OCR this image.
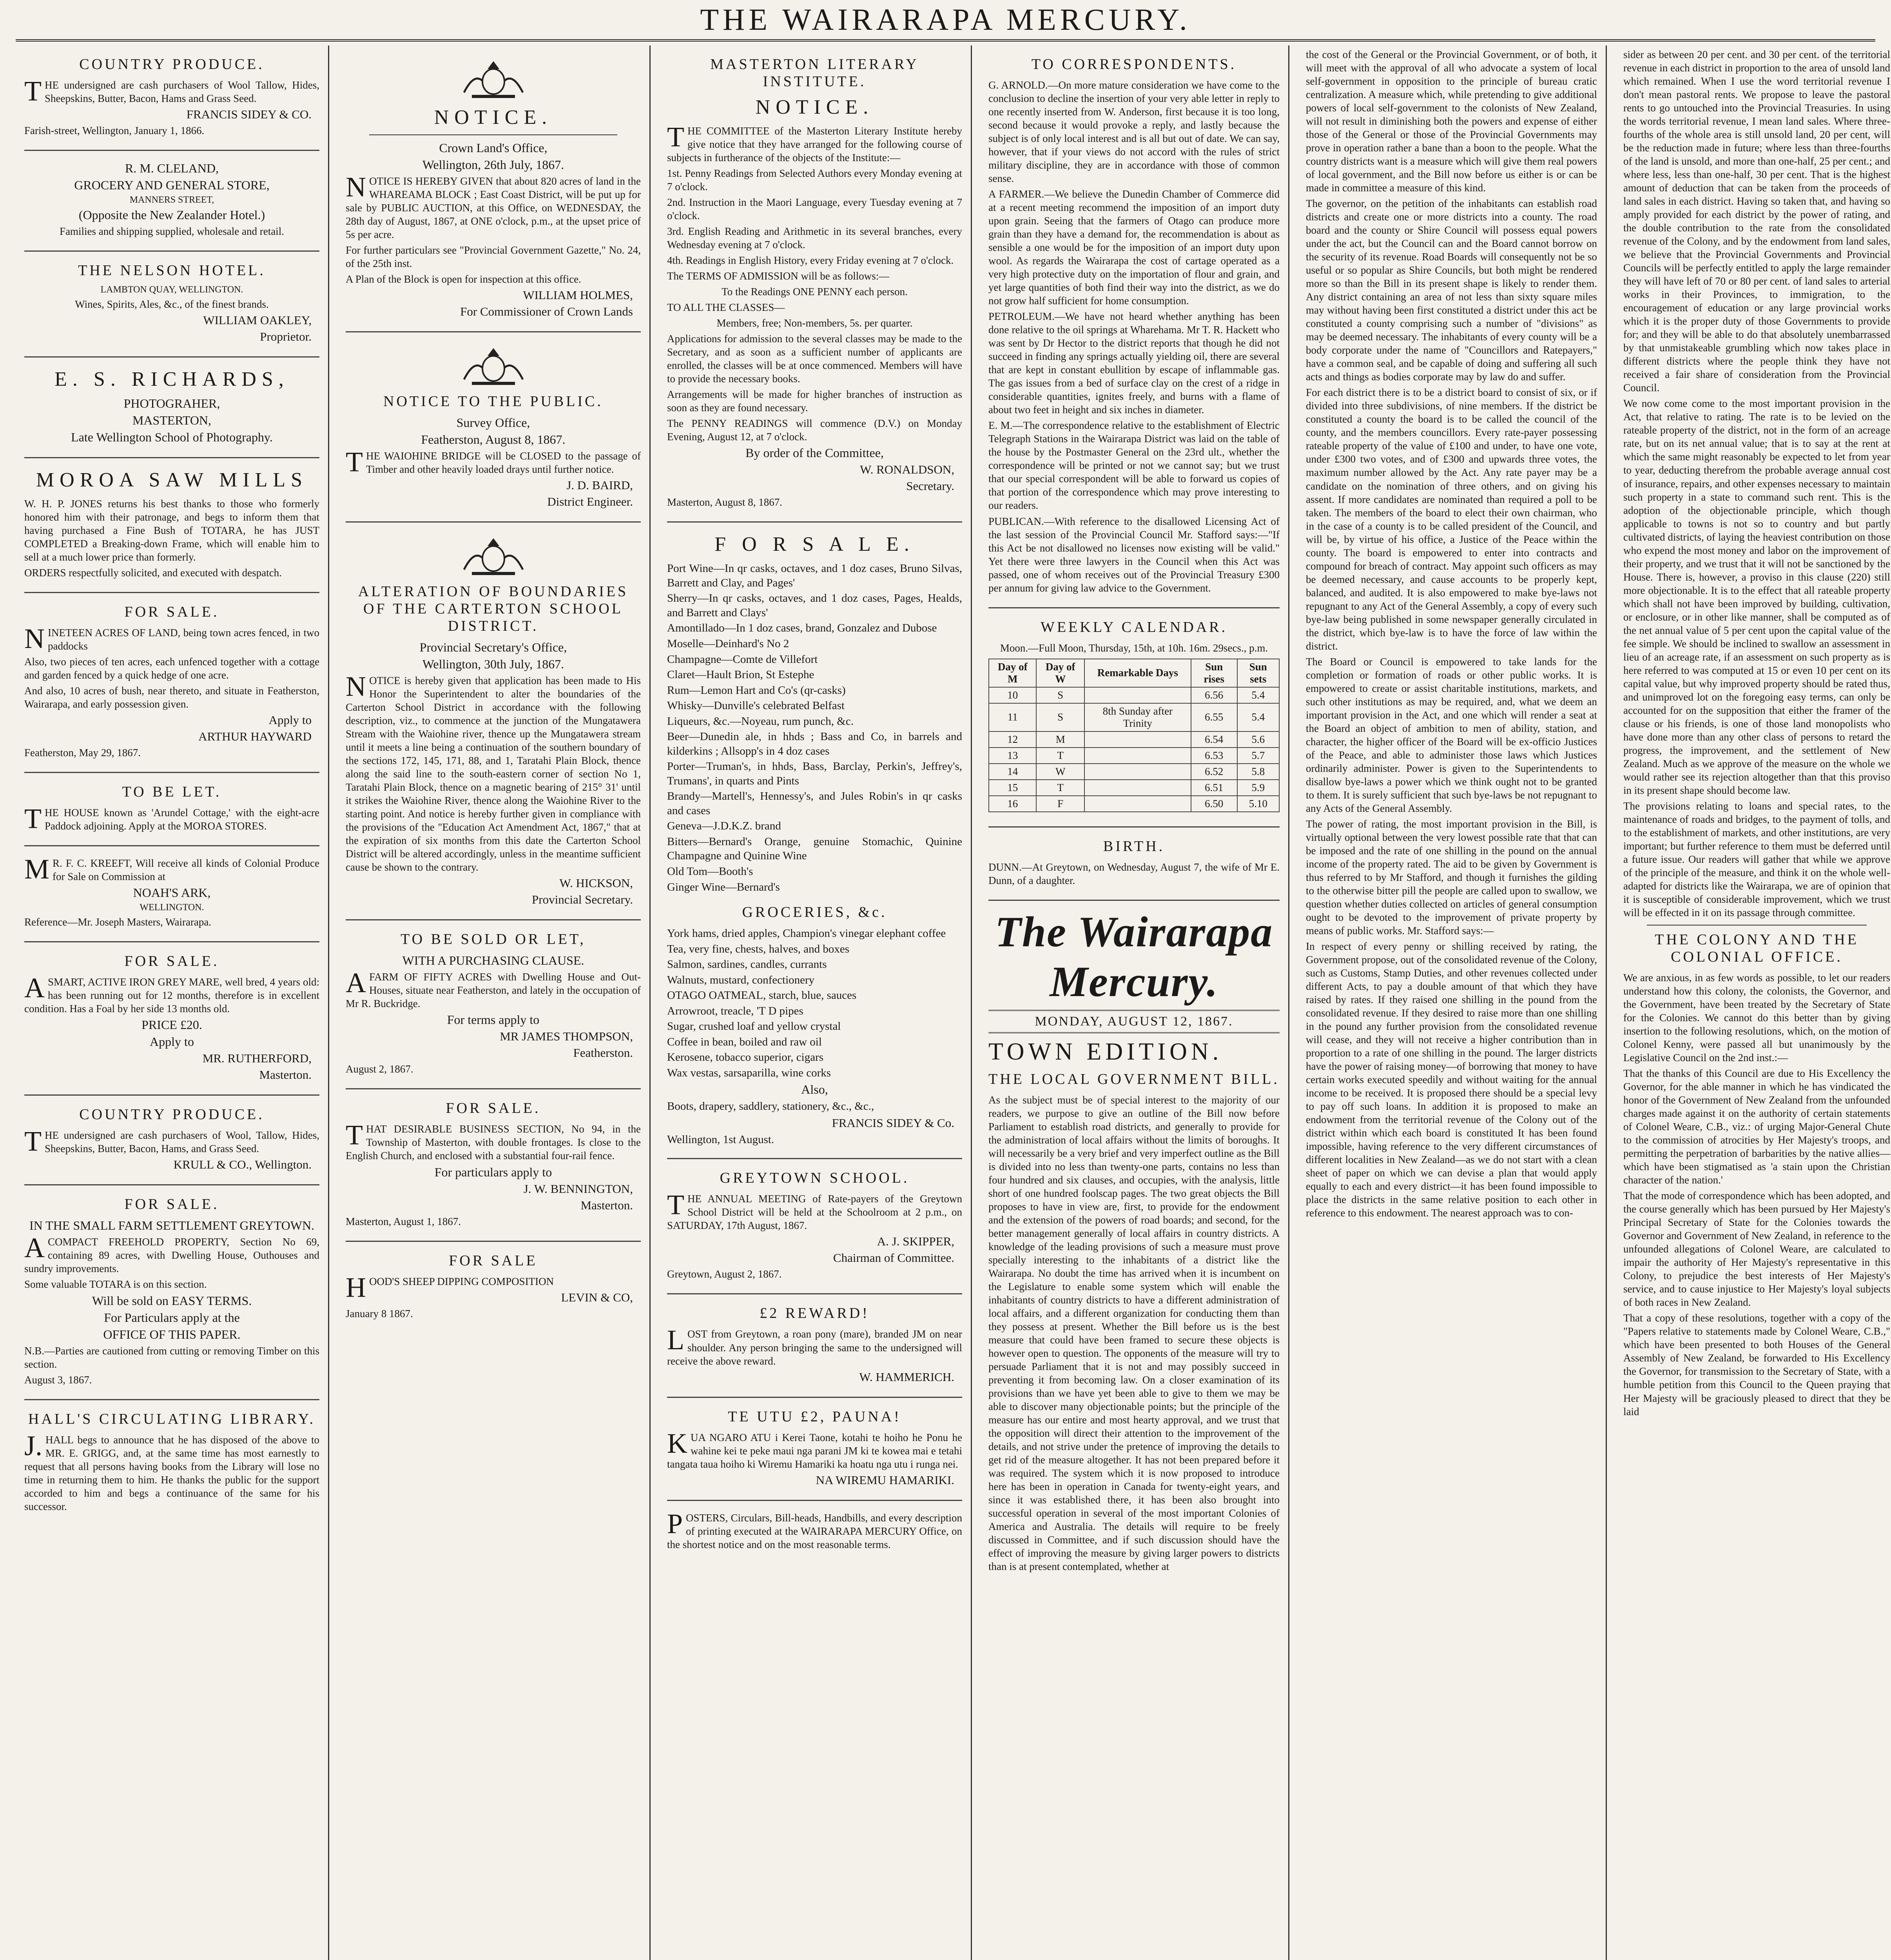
THE WAIRARAPA MERCURY.
COUNTRY PRODUCE.

THE undersigned are cash purchasers of Wool Tallow, Hides, Sheepskins, Butter, Bacon, Hams and Grass Seed.

FRANCIS SIDEY & CO.

Farish-street, Wellington, January 1, 1866.

R. M. CLELAND,
GROCERY AND GENERAL STORE,
MANNERS STREET,
(Opposite the New Zealander Hotel.)

Families and shipping supplied, wholesale and retail.

THE NELSON HOTEL.
LAMBTON QUAY, WELLINGTON.

Wines, Spirits, Ales, &c., of the finest brands.

WILLIAM OAKLEY,
Proprietor.
E. S. RICHARDS,
PHOTOGRAHER,
MASTERTON,
Late Wellington School of Photography.
MOROA SAW MILLS

W. H. P. JONES returns his best thanks to those who formerly honored him with their patronage, and begs to inform them that having purchased a Fine Bush of TOTARA, he has JUST COMPLETED a Breaking-down Frame, which will enable him to sell at a much lower price than formerly.

ORDERS respectfully solicited, and executed with despatch.

FOR SALE.

NINETEEN ACRES OF LAND, being town acres fenced, in two paddocks

Also, two pieces of ten acres, each unfenced together with a cottage and garden fenced by a quick hedge of one acre.

And also, 10 acres of bush, near thereto, and situate in Featherston, Wairarapa, and early possession given.

Apply to
ARTHUR HAYWARD

Featherston, May 29, 1867.

TO BE LET.

THE HOUSE known as 'Arundel Cottage,' with the eight-acre Paddock adjoining. Apply at the MOROA STORES.

MR. F. C. KREEFT, Will receive all kinds of Colonial Produce for Sale on Commission at

NOAH'S ARK,
WELLINGTON.

Reference—Mr. Joseph Masters, Wairarapa.

FOR SALE.

ASMART, ACTIVE IRON GREY MARE, well bred, 4 years old: has been running out for 12 months, therefore is in excellent condition. Has a Foal by her side 13 months old.

PRICE £20.
Apply to
MR. RUTHERFORD,
Masterton.
COUNTRY PRODUCE.

THE undersigned are cash purchasers of Wool, Tallow, Hides, Sheepskins, Butter, Bacon, Hams, and Grass Seed.

KRULL & CO., Wellington.
FOR SALE.
IN THE SMALL FARM SETTLEMENT GREYTOWN.

ACOMPACT FREEHOLD PROPERTY, Section No 69, containing 89 acres, with Dwelling House, Outhouses and sundry improvements.

Some valuable TOTARA is on this section.

Will be sold on EASY TERMS.
For Particulars apply at the
OFFICE OF THIS PAPER.

N.B.—Parties are cautioned from cutting or removing Timber on this section.

August 3, 1867.

HALL'S CIRCULATING LIBRARY.

J.HALL begs to announce that he has disposed of the above to MR. E. GRIGG, and, at the same time has most earnestly to request that all persons having books from the Library will lose no time in returning them to him. He thanks the public for the support accorded to him and begs a continuance of the same for his successor.

NOTICE.
Crown Land's Office,
Wellington, 26th July, 1867.

NOTICE IS HEREBY GIVEN that about 820 acres of land in the WHAREAMA BLOCK ; East Coast District, will be put up for sale by PUBLIC AUCTION, at this Office, on WEDNESDAY, the 28th day of August, 1867, at ONE o'clock, p.m., at the upset price of 5s per acre.

For further particulars see "Provincial Government Gazette," No. 24, of the 25th inst.

A Plan of the Block is open for inspection at this office.

WILLIAM HOLMES,
For Commissioner of Crown Lands
NOTICE TO THE PUBLIC.
Survey Office,
Featherston, August 8, 1867.

THE WAIOHINE BRIDGE will be CLOSED to the passage of Timber and other heavily loaded drays until further notice.

J. D. BAIRD,
District Engineer.
ALTERATION OF BOUNDARIES OF THE CARTERTON SCHOOL DISTRICT.
Provincial Secretary's Office,
Wellington, 30th July, 1867.

NOTICE is hereby given that application has been made to His Honor the Superintendent to alter the boundaries of the Carterton School District in accordance with the following description, viz., to commence at the junction of the Mungatawera Stream with the Waiohine river, thence up the Mungatawera stream until it meets a line being a continuation of the southern boundary of the sections 172, 145, 171, 88, and 1, Taratahi Plain Block, thence along the said line to the south-eastern corner of section No 1, Taratahi Plain Block, thence on a magnetic bearing of 215° 31' until it strikes the Waiohine River, thence along the Waiohine River to the starting point. And notice is hereby further given in compliance with the provisions of the "Education Act Amendment Act, 1867," that at the expiration of six months from this date the Carterton School District will be altered accordingly, unless in the meantime sufficient cause be shown to the contrary.

W. HICKSON,
Provincial Secretary.
TO BE SOLD OR LET,
WITH A PURCHASING CLAUSE.

AFARM OF FIFTY ACRES with Dwelling House and Out-Houses, situate near Featherston, and lately in the occupation of Mr R. Buckridge.

For terms apply to
MR JAMES THOMPSON,
Featherston.

August 2, 1867.

FOR SALE.

THAT DESIRABLE BUSINESS SECTION, No 94, in the Township of Masterton, with double frontages. Is close to the English Church, and enclosed with a substantial four-rail fence.

For particulars apply to
J. W. BENNINGTON,
Masterton.

Masterton, August 1, 1867.

FOR SALE

HOOD'S SHEEP DIPPING COMPOSITION

LEVIN & CO,

January 8 1867.

MASTERTON LITERARY INSTITUTE.
NOTICE.

THE COMMITTEE of the Masterton Literary Institute hereby give notice that they have arranged for the following course of subjects in furtherance of the objects of the Institute:—

1st. Penny Readings from Selected Authors every Monday evening at 7 o'clock.

2nd. Instruction in the Maori Language, every Tuesday evening at 7 o'clock.

3rd. English Reading and Arithmetic in its several branches, every Wednesday evening at 7 o'clock.

4th. Readings in English History, every Friday evening at 7 o'clock.

The TERMS OF ADMISSION will be as follows:—

To the Readings ONE PENNY each person.

TO ALL THE CLASSES—

Members, free; Non-members, 5s. per quarter.

Applications for admission to the several classes may be made to the Secretary, and as soon as a sufficient number of applicants are enrolled, the classes will be at once commenced. Members will have to provide the necessary books.

Arrangements will be made for higher branches of instruction as soon as they are found necessary.

The PENNY READINGS will commence (D.V.) on Monday Evening, August 12, at 7 o'clock.

By order of the Committee,
W. RONALDSON,
Secretary.

Masterton, August 8, 1867.

F O R S A L E.
Port Wine—In qr casks, octaves, and 1 doz cases, Bruno Silvas, Barrett and Clay, and Pages'
Sherry—In qr casks, octaves, and 1 doz cases, Pages, Healds, and Barrett and Clays'
Amontillado—In 1 doz cases, brand, Gonzalez and Dubose
Moselle—Deinhard's No 2
Champagne—Comte de Villefort
Claret—Hault Brion, St Estephe
Rum—Lemon Hart and Co's (qr-casks)
Whisky—Dunville's celebrated Belfast
Liqueurs, &c.—Noyeau, rum punch, &c.
Beer—Dunedin ale, in hhds ; Bass and Co, in barrels and kilderkins ; Allsopp's in 4 doz cases
Porter—Truman's, in hhds, Bass, Barclay, Perkin's, Jeffrey's, Trumans', in quarts and Pints
Brandy—Martell's, Hennessy's, and Jules Robin's in qr casks and cases
Geneva—J.D.K.Z. brand
Bitters—Bernard's Orange, genuine Stomachic, Quinine Champagne and Quinine Wine
Old Tom—Booth's
Ginger Wine—Bernard's
GROCERIES, &c.
York hams, dried apples, Champion's vinegar elephant coffee
Tea, very fine, chests, halves, and boxes
Salmon, sardines, candles, currants
Walnuts, mustard, confectionery
OTAGO OATMEAL, starch, blue, sauces
Arrowroot, treacle, 'T D pipes
Sugar, crushed loaf and yellow crystal
Coffee in bean, boiled and raw oil
Kerosene, tobacco superior, cigars
Wax vestas, sarsaparilla, wine corks
Also,
Boots, drapery, saddlery, stationery, &c., &c.,
FRANCIS SIDEY & Co.
Wellington, 1st August.
GREYTOWN SCHOOL.

THE ANNUAL MEETING of Rate-payers of the Greytown School District will be held at the Schoolroom at 2 p.m., on SATURDAY, 17th August, 1867.

A. J. SKIPPER,
Chairman of Committee.

Greytown, August 2, 1867.

£2 REWARD!

LOST from Greytown, a roan pony (mare), branded JM on near shoulder. Any person bringing the same to the undersigned will receive the above reward.

W. HAMMERICH.
TE UTU £2, PAUNA!

KUA NGARO ATU i Kerei Taone, kotahi te hoiho he Ponu he wahine kei te peke maui nga parani JM ki te kowea mai e tetahi tangata taua hoiho ki Wiremu Hamariki ka hoatu nga utu i runga nei.

NA WIREMU HAMARIKI.

POSTERS, Circulars, Bill-heads, Handbills, and every description of printing executed at the WAIRARAPA MERCURY Office, on the shortest notice and on the most reasonable terms.

TO CORRESPONDENTS.

G. ARNOLD.—On more mature consideration we have come to the conclusion to decline the insertion of your very able letter in reply to one recently inserted from W. Anderson, first because it is too long, second because it would provoke a reply, and lastly because the subject is of only local interest and is all but out of date. We can say, however, that if your views do not accord with the rules of strict military discipline, they are in accordance with those of common sense.

A FARMER.—We believe the Dunedin Chamber of Commerce did at a recent meeting recommend the imposition of an import duty upon grain. Seeing that the farmers of Otago can produce more grain than they have a demand for, the recommendation is about as sensible a one would be for the imposition of an import duty upon wool. As regards the Wairarapa the cost of cartage operated as a very high protective duty on the importation of flour and grain, and yet large quantities of both find their way into the district, as we do not grow half sufficient for home consumption.

PETROLEUM.—We have not heard whether anything has been done relative to the oil springs at Wharehama. Mr T. R. Hackett who was sent by Dr Hector to the district reports that though he did not succeed in finding any springs actually yielding oil, there are several that are kept in constant ebullition by escape of inflammable gas. The gas issues from a bed of surface clay on the crest of a ridge in considerable quantities, ignites freely, and burns with a flame of about two feet in height and six inches in diameter.

E. M.—The correspondence relative to the establishment of Electric Telegraph Stations in the Wairarapa District was laid on the table of the house by the Postmaster General on the 23rd ult., whether the correspondence will be printed or not we cannot say; but we trust that our special correspondent will be able to forward us copies of that portion of the correspondence which may prove interesting to our readers.

PUBLICAN.—With reference to the disallowed Licensing Act of the last session of the Provincial Council Mr. Stafford says:—"If this Act be not disallowed no licenses now existing will be valid." Yet there were three lawyers in the Council when this Act was passed, one of whom receives out of the Provincial Treasury £300 per annum for giving law advice to the Government.

WEEKLY CALENDAR.

Moon.—Full Moon, Thursday, 15th, at 10h. 16m. 29secs., p.m.

Day of M	Day of W	Remarkable Days	Sun rises	Sun sets
10	S		6.56	5.4
11	S	8th Sunday after Trinity	6.55	5.4
12	M		6.54	5.6
13	T		6.53	5.7
14	W		6.52	5.8
15	T		6.51	5.9
16	F		6.50	5.10
BIRTH.

DUNN.—At Greytown, on Wednesday, August 7, the wife of Mr E. Dunn, of a daughter.

The Wairarapa Mercury.
MONDAY, AUGUST 12, 1867.
TOWN EDITION.
THE LOCAL GOVERNMENT BILL.

As the subject must be of special interest to the majority of our readers, we purpose to give an outline of the Bill now before Parliament to establish road districts, and generally to provide for the administration of local affairs without the limits of boroughs. It will necessarily be a very brief and very imperfect outline as the Bill is divided into no less than twenty-one parts, contains no less than four hundred and six clauses, and occupies, with the analysis, little short of one hundred foolscap pages. The two great objects the Bill proposes to have in view are, first, to provide for the endowment and the extension of the powers of road boards; and second, for the better management generally of local affairs in country districts. A knowledge of the leading provisions of such a measure must prove specially interesting to the inhabitants of a district like the Wairarapa. No doubt the time has arrived when it is incumbent on the Legislature to enable some system which will enable the inhabitants of country districts to have a different administration of local affairs, and a different organization for conducting them than they possess at present. Whether the Bill before us is the best measure that could have been framed to secure these objects is however open to question. The opponents of the measure will try to persuade Parliament that it is not and may possibly succeed in preventing it from becoming law. On a closer examination of its provisions than we have yet been able to give to them we may be able to discover many objectionable points; but the principle of the measure has our entire and most hearty approval, and we trust that the opposition will direct their attention to the improvement of the details, and not strive under the pretence of improving the details to get rid of the measure altogether. It has not been prepared before it was required. The system which it is now proposed to introduce here has been in operation in Canada for twenty-eight years, and since it was established there, it has been also brought into successful operation in several of the most important Colonies of America and Australia. The details will require to be freely discussed in Committee, and if such discussion should have the effect of improving the measure by giving larger powers to districts than is at present contemplated, whether at

the cost of the General or the Provincial Government, or of both, it will meet with the approval of all who advocate a system of local self-government in opposition to the principle of bureau cratic centralization. A measure which, while pretending to give additional powers of local self-government to the colonists of New Zealand, will not result in diminishing both the powers and expense of either those of the General or those of the Provincial Governments may prove in operation rather a bane than a boon to the people. What the country districts want is a measure which will give them real powers of local government, and the Bill now before us either is or can be made in committee a measure of this kind.

The governor, on the petition of the inhabitants can establish road districts and create one or more districts into a county. The road board and the county or Shire Council will possess equal powers under the act, but the Council can and the Board cannot borrow on the security of its revenue. Road Boards will consequently not be so useful or so popular as Shire Councils, but both might be rendered more so than the Bill in its present shape is likely to render them. Any district containing an area of not less than sixty square miles may without having been first constituted a district under this act be constituted a county comprising such a number of "divisions" as may be deemed necessary. The inhabitants of every county will be a body corporate under the name of "Councillors and Ratepayers," have a common seal, and be capable of doing and suffering all such acts and things as bodies corporate may by law do and suffer.

For each district there is to be a district board to consist of six, or if divided into three subdivisions, of nine members. If the district be constituted a county the board is to be called the council of the county, and the members councillors. Every rate-payer possessing rateable property of the value of £100 and under, to have one vote, under £300 two votes, and of £300 and upwards three votes, the maximum number allowed by the Act. Any rate payer may be a candidate on the nomination of three others, and on giving his assent. If more candidates are nominated than required a poll to be taken. The members of the board to elect their own chairman, who in the case of a county is to be called president of the Council, and will be, by virtue of his office, a Justice of the Peace within the county. The board is empowered to enter into contracts and compound for breach of contract. May appoint such officers as may be deemed necessary, and cause accounts to be properly kept, balanced, and audited. It is also empowered to make bye-laws not repugnant to any Act of the General Assembly, a copy of every such bye-law being published in some newspaper generally circulated in the district, which bye-law is to have the force of law within the district.

The Board or Council is empowered to take lands for the completion or formation of roads or other public works. It is empowered to create or assist charitable institutions, markets, and such other institutions as may be required, and, what we deem an important provision in the Act, and one which will render a seat at the Board an object of ambition to men of ability, station, and character, the higher officer of the Board will be ex-officio Justices of the Peace, and able to administer those laws which Justices ordinarily administer. Power is given to the Superintendents to disallow bye-laws a power which we think ought not to be granted to them. It is surely sufficient that such bye-laws be not repugnant to any Acts of the General Assembly.

The power of rating, the most important provision in the Bill, is virtually optional between the very lowest possible rate that that can be imposed and the rate of one shilling in the pound on the annual income of the property rated. The aid to be given by Government is thus referred to by Mr Stafford, and though it furnishes the gilding to the otherwise bitter pill the people are called upon to swallow, we question whether duties collected on articles of general consumption ought to be devoted to the improvement of private property by means of public works. Mr. Stafford says:—

In respect of every penny or shilling received by rating, the Government propose, out of the consolidated revenue of the Colony, such as Customs, Stamp Duties, and other revenues collected under different Acts, to pay a double amount of that which they have raised by rates. If they raised one shilling in the pound from the consolidated revenue. If they desired to raise more than one shilling in the pound any further provision from the consolidated revenue will cease, and they will not receive a higher contribution than in proportion to a rate of one shilling in the pound. The larger districts have the power of raising money—of borrowing that money to have certain works executed speedily and without waiting for the annual income to be received. It is proposed there should be a special levy to pay off such loans. In addition it is proposed to make an endowment from the territorial revenue of the Colony out of the district within which each board is constituted It has been found impossible, having reference to the very different circumstances of different localities in New Zealand—as we do not start with a clean sheet of paper on which we can devise a plan that would apply equally to each and every district—it has been found impossible to place the districts in the same relative position to each other in reference to this endowment. The nearest approach was to con-

sider as between 20 per cent. and 30 per cent. of the territorial revenue in each district in proportion to the area of unsold land which remained. When I use the word territorial revenue I don't mean pastoral rents. We propose to leave the pastoral rents to go untouched into the Provincial Treasuries. In using the words territorial revenue, I mean land sales. Where three-fourths of the whole area is still unsold land, 20 per cent, will be the reduction made in future; where less than three-fourths of the land is unsold, and more than one-half, 25 per cent.; and where less, less than one-half, 30 per cent. That is the highest amount of deduction that can be taken from the proceeds of land sales in each district. Having so taken that, and having so amply provided for each district by the power of rating, and the double contribution to the rate from the consolidated revenue of the Colony, and by the endowment from land sales, we believe that the Provincial Governments and Provincial Councils will be perfectly entitled to apply the large remainder they will have left of 70 or 80 per cent. of land sales to arterial works in their Provinces, to immigration, to the encouragement of education or any large provincial works which it is the proper duty of those Governments to provide for; and they will be able to do that absolutely unembarrassed by that unmistakeable grumbling which now takes place in different districts where the people think they have not received a fair share of consideration from the Provincial Council.

We now come come to the most important provision in the Act, that relative to rating. The rate is to be levied on the rateable property of the district, not in the form of an acreage rate, but on its net annual value; that is to say at the rent at which the same might reasonably be expected to let from year to year, deducting therefrom the probable average annual cost of insurance, repairs, and other expenses necessary to maintain such property in a state to command such rent. This is the adoption of the objectionable principle, which though applicable to towns is not so to country and but partly cultivated districts, of laying the heaviest contribution on those who expend the most money and labor on the improvement of their property, and we trust that it will not be sanctioned by the House. There is, however, a proviso in this clause (220) still more objectionable. It is to the effect that all rateable property which shall not have been improved by building, cultivation, or enclosure, or in other like manner, shall be computed as of the net annual value of 5 per cent upon the capital value of the fee simple. We should be inclined to swallow an assessment in lieu of an acreage rate, if an assessment on such property as is here referred to was computed at 15 or even 10 per cent on its capital value, but why improved property should be rated thus, and unimproved lot on the foregoing easy terms, can only be accounted for on the supposition that either the framer of the clause or his friends, is one of those land monopolists who have done more than any other class of persons to retard the progress, the improvement, and the settlement of New Zealand. Much as we approve of the measure on the whole we would rather see its rejection altogether than that this proviso in its present shape should become law.

The provisions relating to loans and special rates, to the maintenance of roads and bridges, to the payment of tolls, and to the establishment of markets, and other institutions, are very important; but further reference to them must be deferred until a future issue. Our readers will gather that while we approve of the principle of the measure, and think it on the whole well-adapted for districts like the Wairarapa, we are of opinion that it is susceptible of considerable improvement, which we trust will be effected in it on its passage through committee.

THE COLONY AND THE COLONIAL OFFICE.

We are anxious, in as few words as possible, to let our readers understand how this colony, the colonists, the Governor, and the Government, have been treated by the Secretary of State for the Colonies. We cannot do this better than by giving insertion to the following resolutions, which, on the motion of Colonel Kenny, were passed all but unanimously by the Legislative Council on the 2nd inst.:—

That the thanks of this Council are due to His Excellency the Governor, for the able manner in which he has vindicated the honor of the Government of New Zealand from the unfounded charges made against it on the authority of certain statements of Colonel Weare, C.B., viz.: of urging Major-General Chute to the commission of atrocities by Her Majesty's troops, and permitting the perpetration of barbarities by the native allies—which have been stigmatised as 'a stain upon the Christian character of the nation.'

That the mode of correspondence which has been adopted, and the course generally which has been pursued by Her Majesty's Principal Secretary of State for the Colonies towards the Governor and Government of New Zealand, in reference to the unfounded allegations of Colonel Weare, are calculated to impair the authority of Her Majesty's representative in this Colony, to prejudice the best interests of Her Majesty's service, and to cause injustice to Her Majesty's loyal subjects of both races in New Zealand.

That a copy of these resolutions, together with a copy of the "Papers relative to statements made by Colonel Weare, C.B.," which have been presented to both Houses of the General Assembly of New Zealand, be forwarded to His Excellency the Governor, for transmission to the Secretary of State, with a humble petition from this Council to the Queen praying that Her Majesty will be graciously pleased to direct that they be laid
